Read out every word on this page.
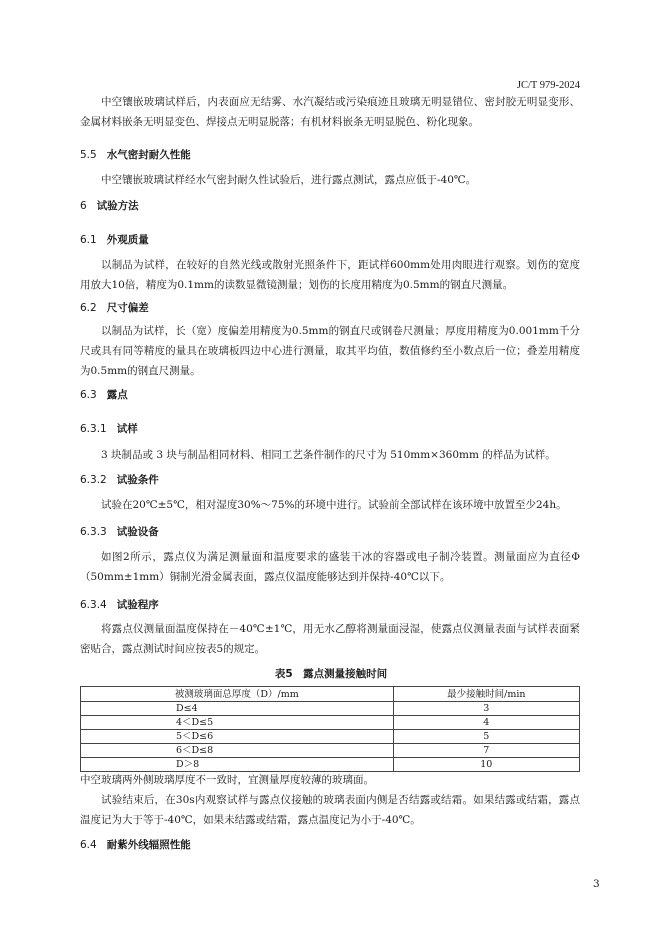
JC/T 979-2024

中空镶嵌玻璃试样后，内表面应无结雾、水汽凝结或污染痕迹且玻璃无明显错位、密封胶无明显变形、金属材料嵌条无明显变色、焊接点无明显脱落；有机材料嵌条无明显脱色、粉化现象。

5.5 水气密封耐久性能

中空镶嵌玻璃试样经水气密封耐久性试验后，进行露点测试，露点应低于-40℃。

6 试验方法
6.1 外观质量

以制品为试样，在较好的自然光线或散射光照条件下，距试样600mm处用肉眼进行观察。划伤的宽度用放大10倍，精度为0.1mm的读数显微镜测量；划伤的长度用精度为0.5mm的钢直尺测量。

6.2 尺寸偏差

以制品为试样，长（宽）度偏差用精度为0.5mm的钢直尺或钢卷尺测量；厚度用精度为0.001mm千分尺或具有同等精度的量具在玻璃板四边中心进行测量，取其平均值，数值修约至小数点后一位；叠差用精度为0.5mm的钢直尺测量。

6.3 露点
6.3.1 试样

3 块制品或 3 块与制品相同材料、相同工艺条件制作的尺寸为 510mm×360mm 的样品为试样。

6.3.2 试验条件

试验在20℃±5℃，相对湿度30%～75%的环境中进行。试验前全部试样在该环境中放置至少24h。

6.3.3 试验设备

如图2所示，露点仪为满足测量面和温度要求的盛装干冰的容器或电子制冷装置。测量面应为直径Φ（50mm±1mm）铜制光滑金属表面，露点仪温度能够达到并保持-40℃以下。

6.3.4 试验程序

将露点仪测量面温度保持在－40℃±1℃，用无水乙醇将测量面浸湿，使露点仪测量表面与试样表面紧密贴合，露点测试时间应按表5的规定。

表5　露点测量接触时间
被测玻璃面总厚度（D）/mm	最少接触时间/min
D≤4	3
4＜D≤5	4
5＜D≤6	5
6＜D≤8	7
D＞8	10

中空玻璃两外侧玻璃厚度不一致时，宜测量厚度较薄的玻璃面。

试验结束后，在30s内观察试样与露点仪接触的玻璃表面内侧是否结露或结霜。如果结露或结霜，露点温度记为大于等于-40℃，如果未结露或结霜，露点温度记为小于-40℃。

6.4 耐紫外线辐照性能
3
